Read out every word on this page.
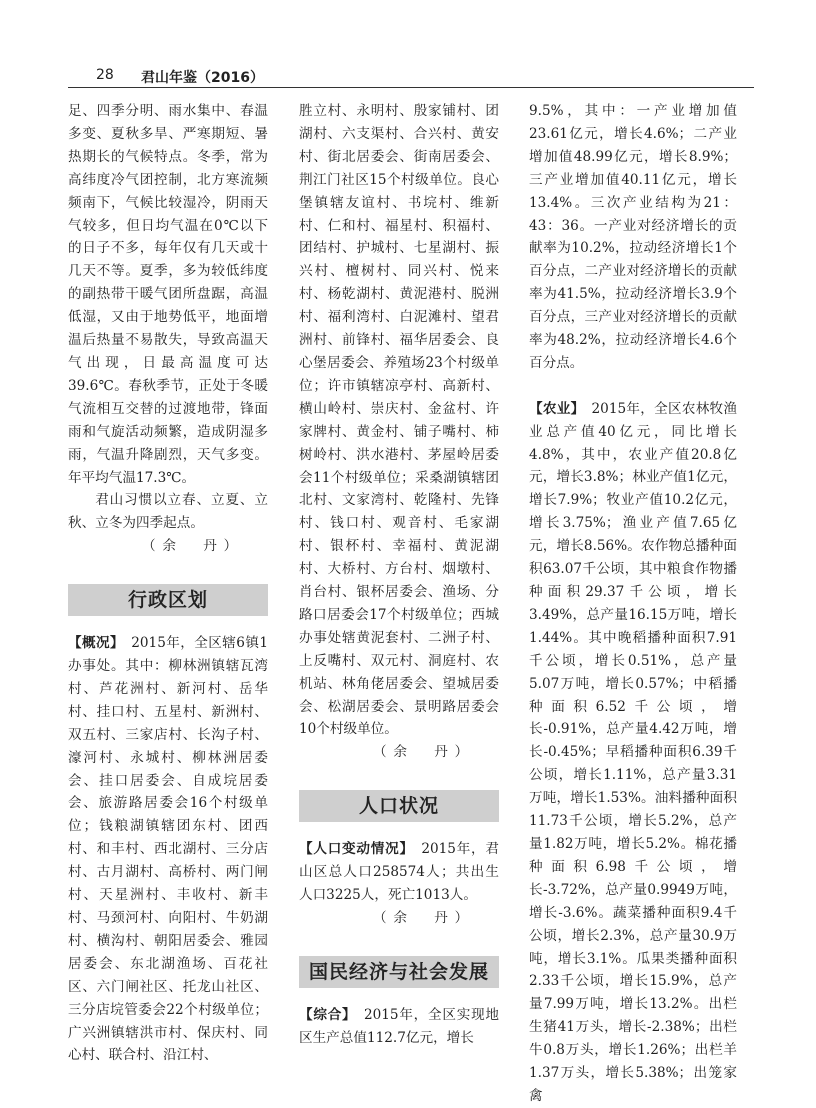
28 君山年鉴（2016）

足、四季分明、雨水集中、春温多变、夏秋多旱、严寒期短、暑热期长的气候特点。冬季，常为高纬度冷气团控制，北方寒流频频南下，气候比较湿冷，阴雨天气较多，但日均气温在0℃以下的日子不多，每年仅有几天或十几天不等。夏季，多为较低纬度的副热带干暖气团所盘踞，高温低湿，又由于地势低平，地面增温后热量不易散失，导致高温天气出现，日最高温度可达39.6℃。春秋季节，正处于冬暖气流相互交替的过渡地带，锋面雨和气旋活动频繁，造成阴湿多雨，气温升降剧烈，天气多变。年平均气温17.3℃。

君山习惯以立春、立夏、立秋、立冬为四季起点。

（余　丹）

行政区划

【概况】　 2015年，全区辖6镇1办事处。其中：柳林洲镇辖瓦湾村、芦花洲村、新河村、岳华村、挂口村、五星村、新洲村、双五村、三家店村、长沟子村、濠河村、永城村、柳林洲居委会、挂口居委会、自成垸居委会、旅游路居委会16个村级单位；钱粮湖镇辖团东村、团西村、和丰村、西北湖村、三分店村、古月湖村、高桥村、两门闸村、天星洲村、丰收村、新丰村、马颈河村、向阳村、牛奶湖村、横沟村、朝阳居委会、雅园居委会、东北湖渔场、百花社区、六门闸社区、托龙山社区、三分店垸管委会22个村级单位；广兴洲镇辖洪市村、保庆村、同心村、联合村、沿江村、

胜立村、永明村、殷家铺村、团湖村、六支渠村、合兴村、黄安村、街北居委会、街南居委会、荆江门社区15个村级单位。良心堡镇辖友谊村、书垸村、维新村、仁和村、福星村、积福村、团结村、护城村、七星湖村、振兴村、檀树村、同兴村、悦来村、杨乾湖村、黄泥港村、脱洲村、福利湾村、白泥滩村、望君洲村、前锋村、福华居委会、良心堡居委会、养殖场23个村级单位；许市镇辖凉亭村、高新村、横山岭村、崇庆村、金盆村、许家牌村、黄金村、铺子嘴村、柿树岭村、洪水港村、茅屋岭居委会11个村级单位；采桑湖镇辖团北村、文家湾村、乾隆村、先锋村、钱口村、观音村、毛家湖村、银杯村、幸福村、黄泥湖村、大桥村、方台村、烟墩村、肖台村、银杯居委会、渔场、分路口居委会17个村级单位；西城办事处辖黄泥套村、二洲子村、上反嘴村、双元村、洞庭村、农机站、林角佬居委会、望城居委会、松湖居委会、景明路居委会10个村级单位。

（余　丹）

人口状况

【人口变动情况】　 2015年，君山区总人口258574人；共出生人口3225人，死亡1013人。

（余　丹）

国民经济与社会发展

【综合】　 2015年，全区实现地区生产总值112.7亿元，增长

9.5%，其中：一产业增加值23.61亿元，增长4.6%；二产业增加值48.99亿元，增长8.9%；三产业增加值40.11亿元，增长13.4%。三次产业结构为21：43：36。一产业对经济增长的贡献率为10.2%，拉动经济增长1个百分点，二产业对经济增长的贡献率为41.5%，拉动经济增长3.9个百分点，三产业对经济增长的贡献率为48.2%，拉动经济增长4.6个百分点。

【农业】　 2015年，全区农林牧渔业总产值40亿元，同比增长4.8%，其中，农业产值20.8亿元，增长3.8%；林业产值1亿元，增长7.9%；牧业产值10.2亿元，增长3.75%；渔业产值7.65亿元，增长8.56%。农作物总播种面积63.07千公顷，其中粮食作物播种面积29.37千公顷，增长3.49%，总产量16.15万吨，增长1.44%。其中晚稻播种面积7.91千公顷，增长0.51%，总产量5.07万吨，增长0.57%；中稻播种面积6.52千公顷，增长-0.91%，总产量4.42万吨，增长-0.45%；早稻播种面积6.39千公顷，增长1.11%，总产量3.31万吨，增长1.53%。油料播种面积11.73千公顷，增长5.2%，总产量1.82万吨，增长5.2%。棉花播种面积6.98千公顷，增长-3.72%，总产量0.9949万吨，增长-3.6%。蔬菜播种面积9.4千公顷，增长2.3%，总产量30.9万吨，增长3.1%。瓜果类播种面积2.33千公顷，增长15.9%，总产量7.99万吨，增长13.2%。出栏生猪41万头，增长-2.38%；出栏牛0.8万头，增长1.26%；出栏羊1.37万头，增长5.38%；出笼家禽
